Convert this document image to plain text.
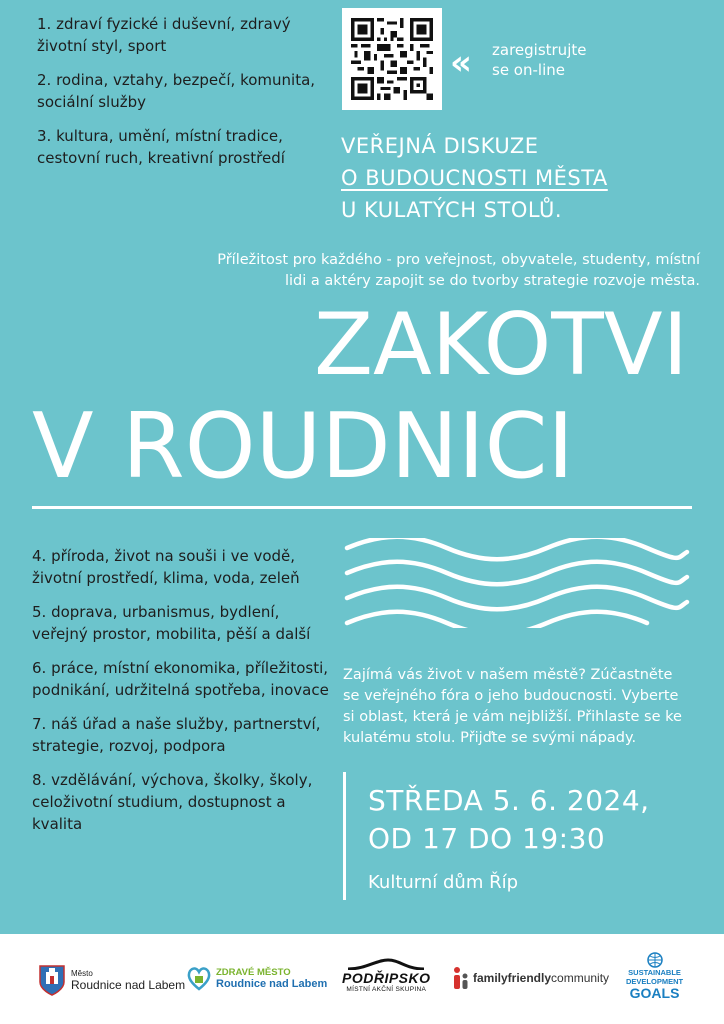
1. zdraví fyzické i duševní, zdravý životní styl, sport

2. rodina, vztahy, bezpečí, komunita, sociální služby

3. kultura, umění, místní tradice, cestovní ruch, kreativní prostředí

« zaregistrujte
se on-line
VEŘEJNÁ DISKUZE
O BUDOUCNOSTI MĚSTA
U KULATÝCH STOLŮ.
Příležitost pro každého - pro veřejnost, obyvatele, studenty, místní lidi a aktéry zapojit se do tvorby strategie rozvoje města.
ZAKOTVI
V ROUDNICI

4. příroda, život na souši i ve vodě, životní prostředí, klima, voda, zeleň

5. doprava, urbanismus, bydlení, veřejný prostor, mobilita, pěší a další

6. práce, místní ekonomika, příležitosti, podnikání, udržitelná spotřeba, inovace

7. náš úřad a naše služby, partnerství, strategie, rozvoj, podpora

8. vzdělávání, výchova, školky, školy, celoživotní studium, dostupnost a kvalita

Zajímá vás život v našem městě? Zúčastněte se veřejného fóra o jeho budoucnosti. Vyberte si oblast, která je vám nejbližší. Přihlaste se ke kulatému stolu. Přijďte se svými nápady.
STŘEDA 5. 6. 2024,
OD 17 DO 19:30
Kulturní dům Říp
Město
Roudnice nad Labem
ZDRAVÉ MĚSTO
Roudnice nad Labem PODŘIPSKO
MÍSTNÍ AKČNÍ SKUPINA
familyfriendlycommunity	SUSTAINABLE
DEVELOPMENT
GOALS
